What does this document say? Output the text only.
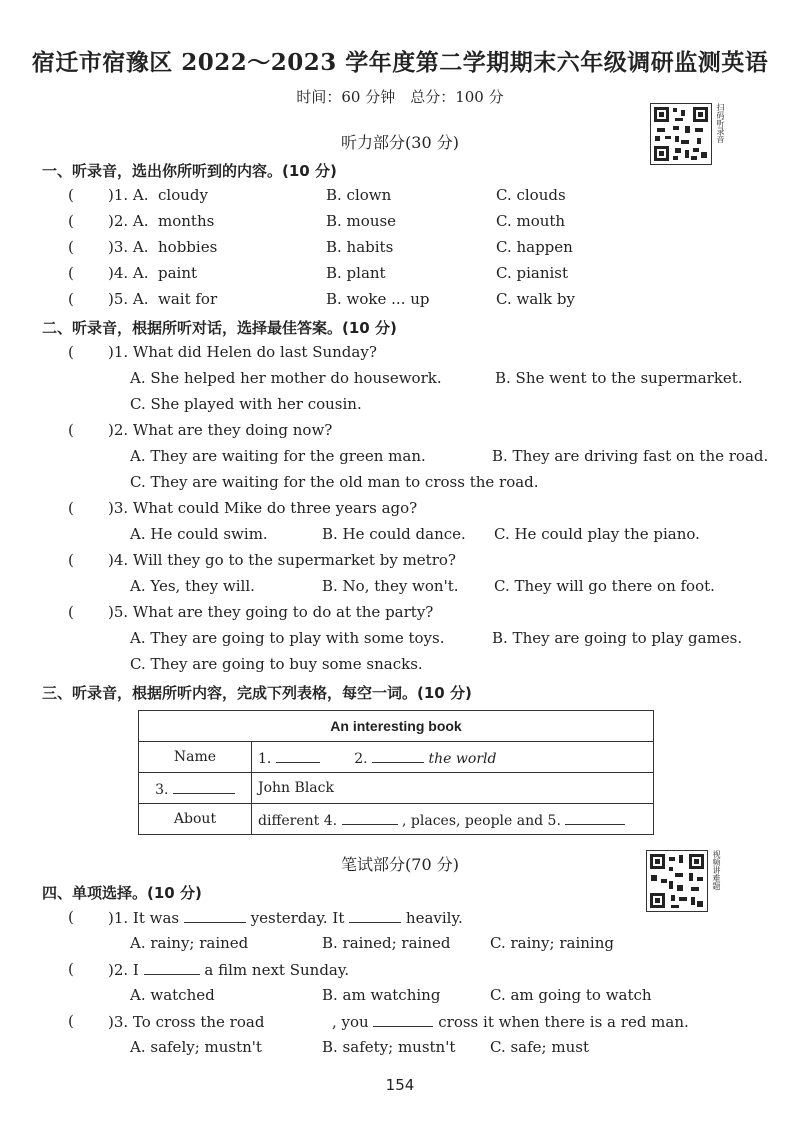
宿迁市宿豫区 2022～2023 学年度第二学期期末六年级调研监测英语
时间：60 分钟　总分：100 分
扫码听录音
听力部分(30 分)
一、听录音，选出你所听到的内容。(10 分)
( )1. A. cloudy	B. clown	C. clouds
( )2. A. months	B. mouse	C. mouth
( )3. A. hobbies	B. habits	C. happen
( )4. A. paint	B. plant	C. pianist
( )5. A. wait for	B. woke ... up	C. walk by
二、听录音，根据所听对话，选择最佳答案。(10 分)
( )1. What did Helen do last Sunday?
A. She helped her mother do housework.	B. She went to the supermarket.
C. She played with her cousin.
( )2. What are they doing now?
A. They are waiting for the green man.	B. They are driving fast on the road.
C. They are waiting for the old man to cross the road.
( )3. What could Mike do three years ago?
A. He could swim.	B. He could dance. C. He could play the piano.
( )4. Will they go to the supermarket by metro?
A. Yes, they will.	B. No, they won't. C. They will go there on foot.
( )5. What are they going to do at the party?
A. They are going to play with some toys.	B. They are going to play games.
C. They are going to buy some snacks.
三、听录音，根据所听内容，完成下列表格，每空一词。(10 分)
An interesting book	
Name	1. 2. the world
3.	John Black
About	different 4. , places, people and 5.
笔试部分(70 分)	视频讲难题
四、单项选择。(10 分)
( )1. It was	yesterday. It	heavily.
A. rainy; rained	B. rained; rained	C. rainy; raining
( )2. I	a film next Sunday.
A. watched	B. am watching	C. am going to watch
( )3. To cross the road	, you	cross it when there is a red man.
A. safely; mustn't	B. safety; mustn't C. safe; must
154
